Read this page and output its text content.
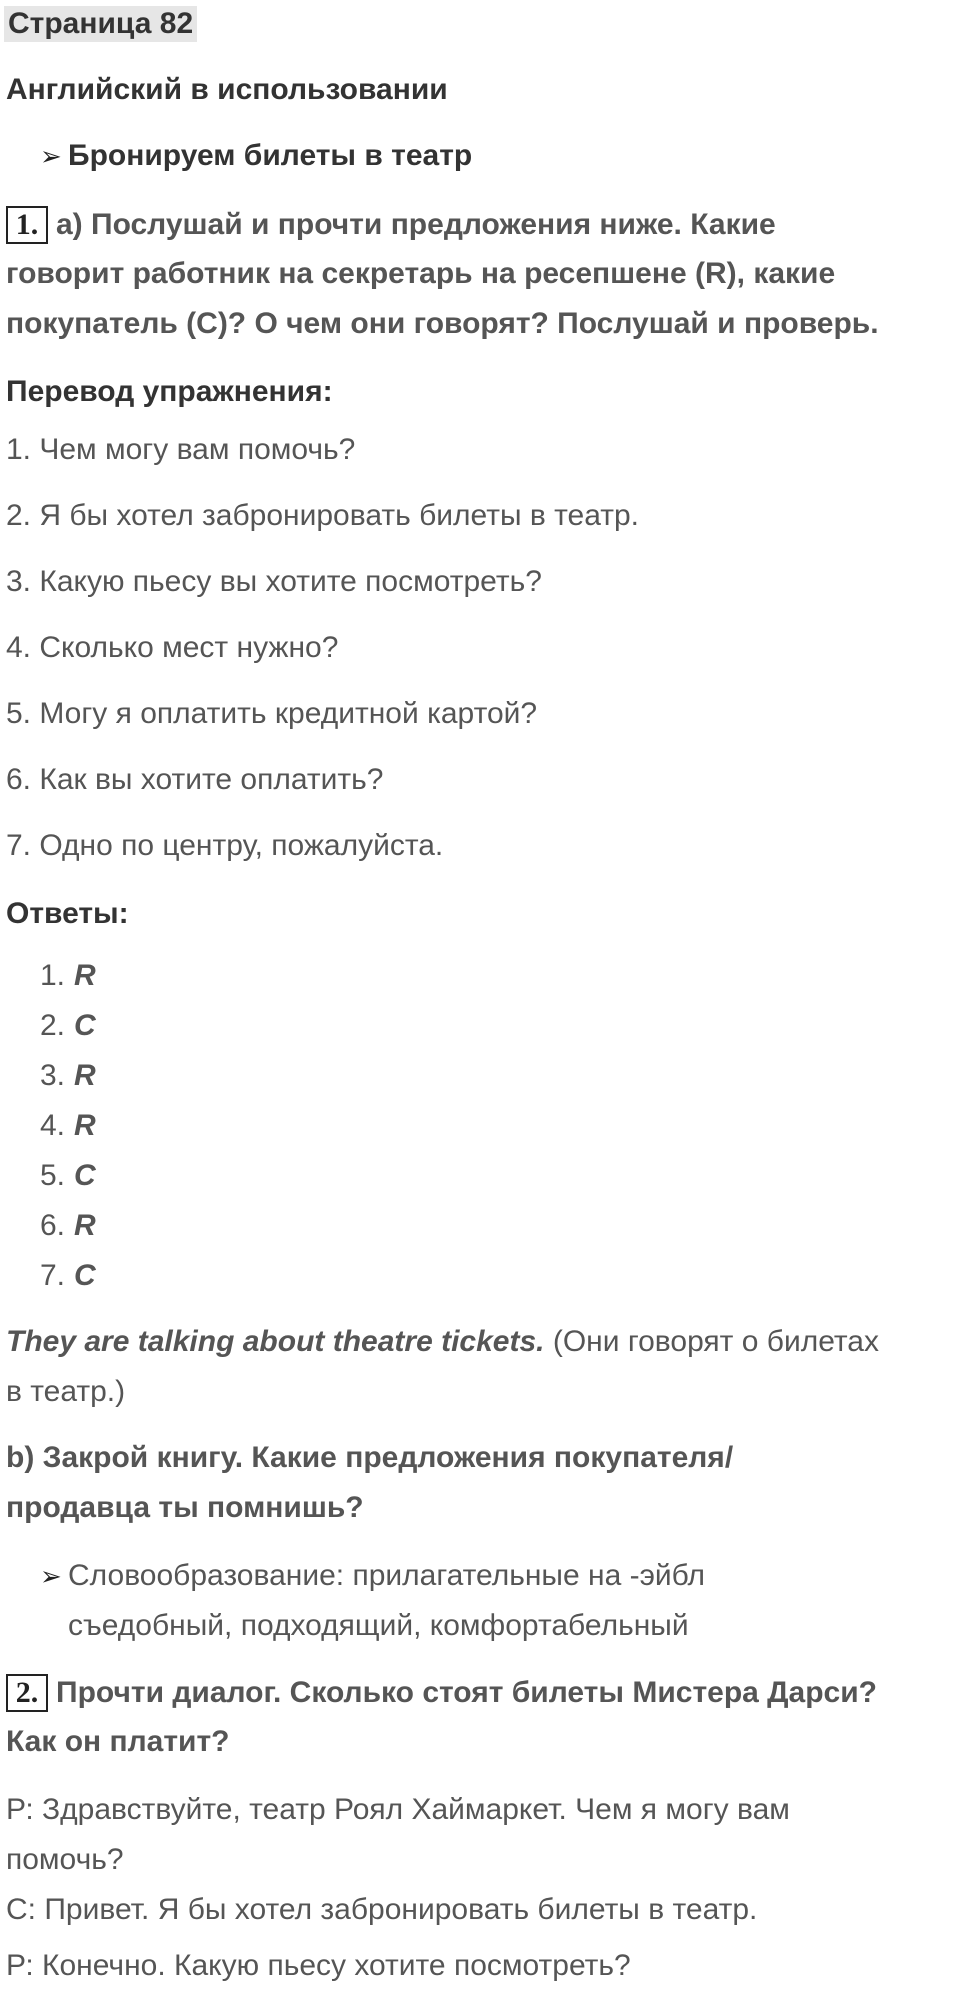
Страница 82
Английский в использовании
➢ Бронируем билеты в театр
1. а) Послушай и прочти предложения ниже. Какие
говорит работник на секретарь на ресепшене (R), какие
покупатель (C)? О чем они говорят? Послушай и проверь.
Перевод упражнения:
1. Чем могу вам помочь?
2. Я бы хотел забронировать билеты в театр.
3. Какую пьесу вы хотите посмотреть?
4. Сколько мест нужно?
5. Могу я оплатить кредитной картой?
6. Как вы хотите оплатить?
7. Одно по центру, пожалуйста.
Ответы:
1. R
2. C
3. R
4. R
5. C
6. R
7. C
They are talking about theatre tickets. (Они говорят о билетах
в театр.)
b) Закрой книгу. Какие предложения покупателя/
продавца ты помнишь?
➢ Словообразование: прилагательные на -эйбл
съедобный, подходящий, комфортабельный
2. Прочти диалог. Сколько стоят билеты Мистера Дарси?
Как он платит?
Р: Здравствуйте, театр Роял Хаймаркет. Чем я могу вам
помочь?
С: Привет. Я бы хотел забронировать билеты в театр.
Р: Конечно. Какую пьесу хотите посмотреть?
